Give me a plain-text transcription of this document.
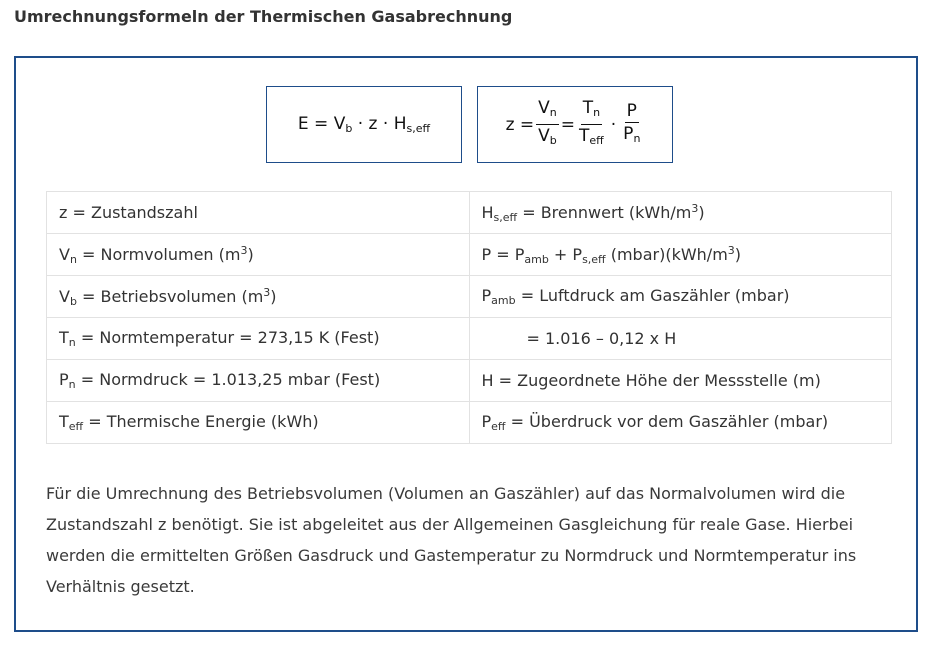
Umrechnungsformeln der Thermischen Gasabrechnung
$E = V_b \cdot z \cdot H_{s,eff}$	$z = \frac{V_n}{V_b} = \frac{T_n}{T_{eff}} \cdot \frac{P}{P_n}$
z = Zustandszahl	$H_{s,eff}$ = Brennwert $(kWh/m^3)$
$V_n$ = Normvolumen $(m^3)$	$P = P_{amb} + P_{s,eff}$ $(mbar)(kWh/m^3)$
$V_b$ = Betriebsvolumen $(m^3)$	$P_{amb}$ = Luftdruck am Gaszähler (mbar)
$T_n$ = Normtemperatur = 273,15 K (Fest)	= 1.016 – 0,12 x H
$P_n$ = Normdruck = 1.013,25 mbar (Fest)	H = Zugeordnete Höhe der Messstelle (m)
$T_{eff}$ = Thermische Energie (kWh)	$P_{eff}$ = Überdruck vor dem Gaszähler (mbar)
Für die Umrechnung des Betriebsvolumen (Volumen an Gaszähler) auf das Normalvolumen wird die Zustandszahl z benötigt. Sie ist abgeleitet aus der Allgemeinen Gasgleichung für reale Gase. Hierbei werden die ermittelten Größen Gasdruck und Gastemperatur zu Normdruck und Normtemperatur ins Verhältnis gesetzt.
